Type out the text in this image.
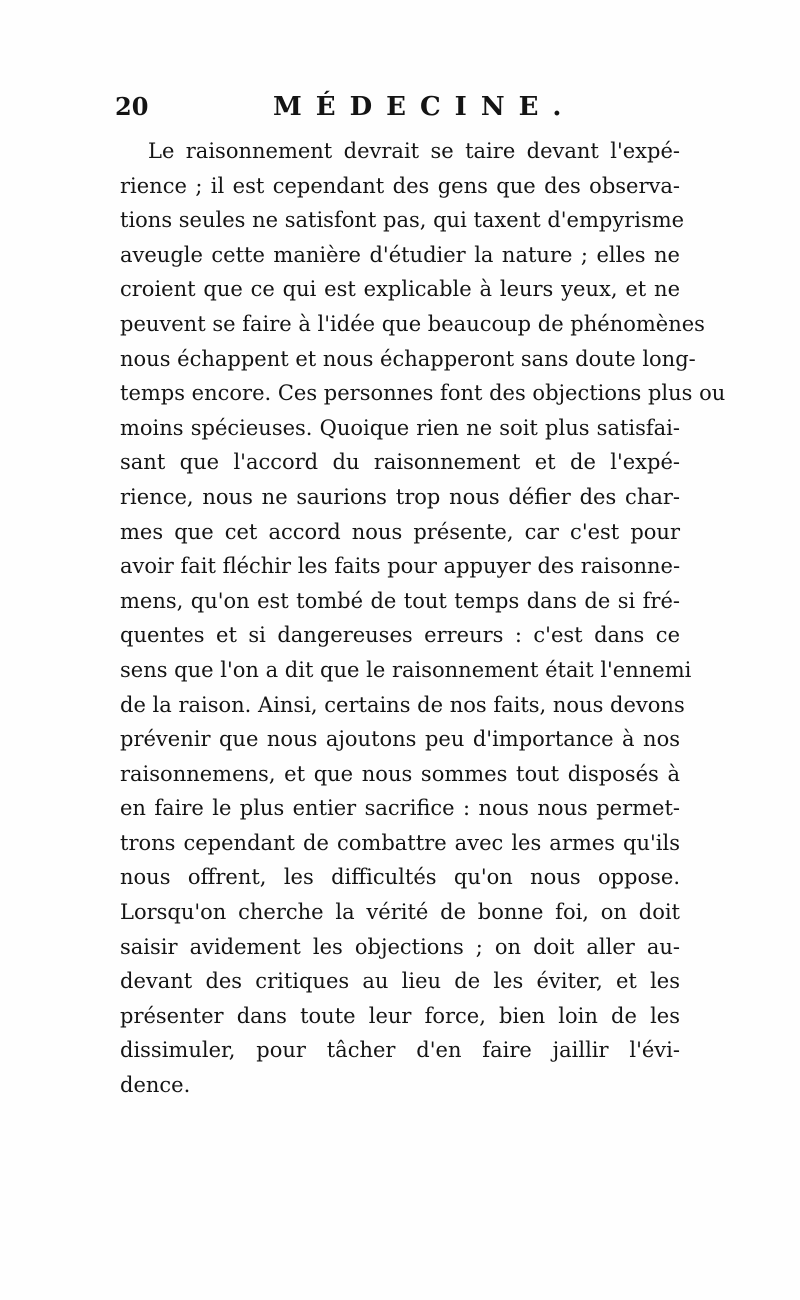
20	MÉDECINE.
Le raisonnement devrait se taire devant l'expé-
rience ; il est cependant des gens que des observa-
tions seules ne satisfont pas, qui taxent d'empyrisme
aveugle cette manière d'étudier la nature ; elles ne
croient que ce qui est explicable à leurs yeux, et ne
peuvent se faire à l'idée que beaucoup de phénomènes
nous échappent et nous échapperont sans doute long-
temps encore. Ces personnes font des objections plus ou
moins spécieuses. Quoique rien ne soit plus satisfai-
sant que l'accord du raisonnement et de l'expé-
rience, nous ne saurions trop nous défier des char-
mes que cet accord nous présente, car c'est pour
avoir fait fléchir les faits pour appuyer des raisonne-
mens, qu'on est tombé de tout temps dans de si fré-
quentes et si dangereuses erreurs : c'est dans ce
sens que l'on a dit que le raisonnement était l'ennemi
de la raison. Ainsi, certains de nos faits, nous devons
prévenir que nous ajoutons peu d'importance à nos
raisonnemens, et que nous sommes tout disposés à
en faire le plus entier sacrifice : nous nous permet-
trons cependant de combattre avec les armes qu'ils
nous offrent, les difficultés qu'on nous oppose.
Lorsqu'on cherche la vérité de bonne foi, on doit
saisir avidement les objections ; on doit aller au-
devant des critiques au lieu de les éviter, et les
présenter dans toute leur force, bien loin de les
dissimuler, pour tâcher d'en faire jaillir l'évi-
dence.
